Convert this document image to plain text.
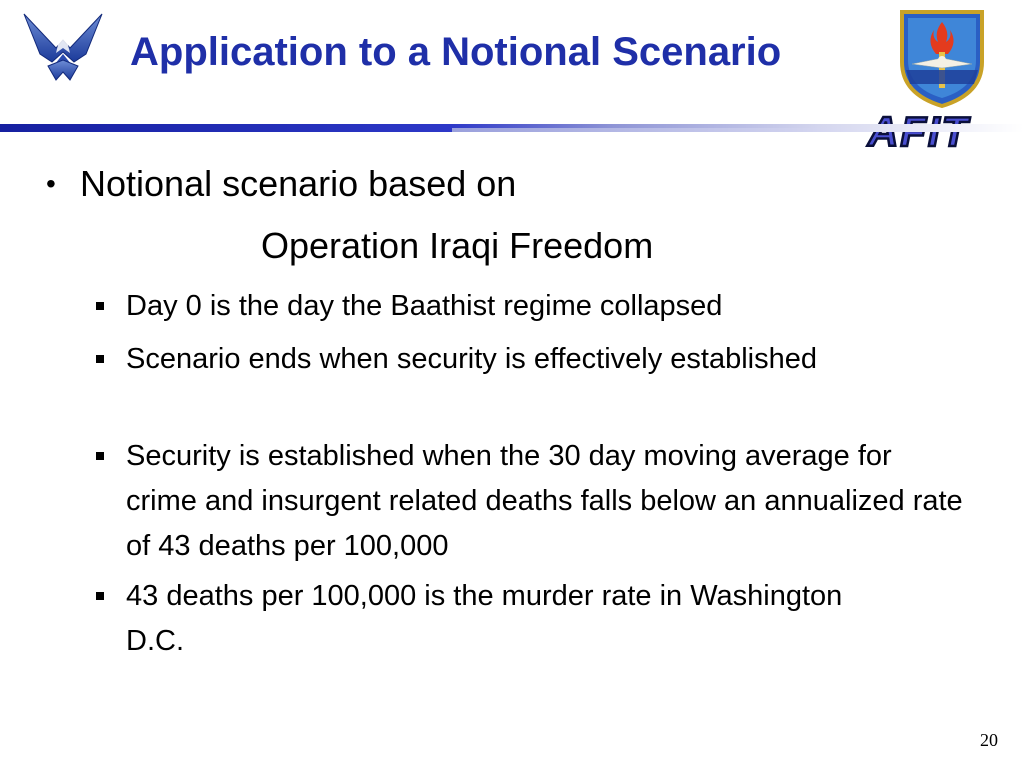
Application to a Notional Scenario
• Notional scenario based on
Operation Iraqi Freedom
Day 0 is the day the Baathist regime collapsed
Scenario ends when security is effectively established
Security is established when the 30 day moving average for crime and insurgent related deaths falls below an annualized rate of 43 deaths per 100,000
43 deaths per 100,000 is the murder rate in Washington D.C.
20
